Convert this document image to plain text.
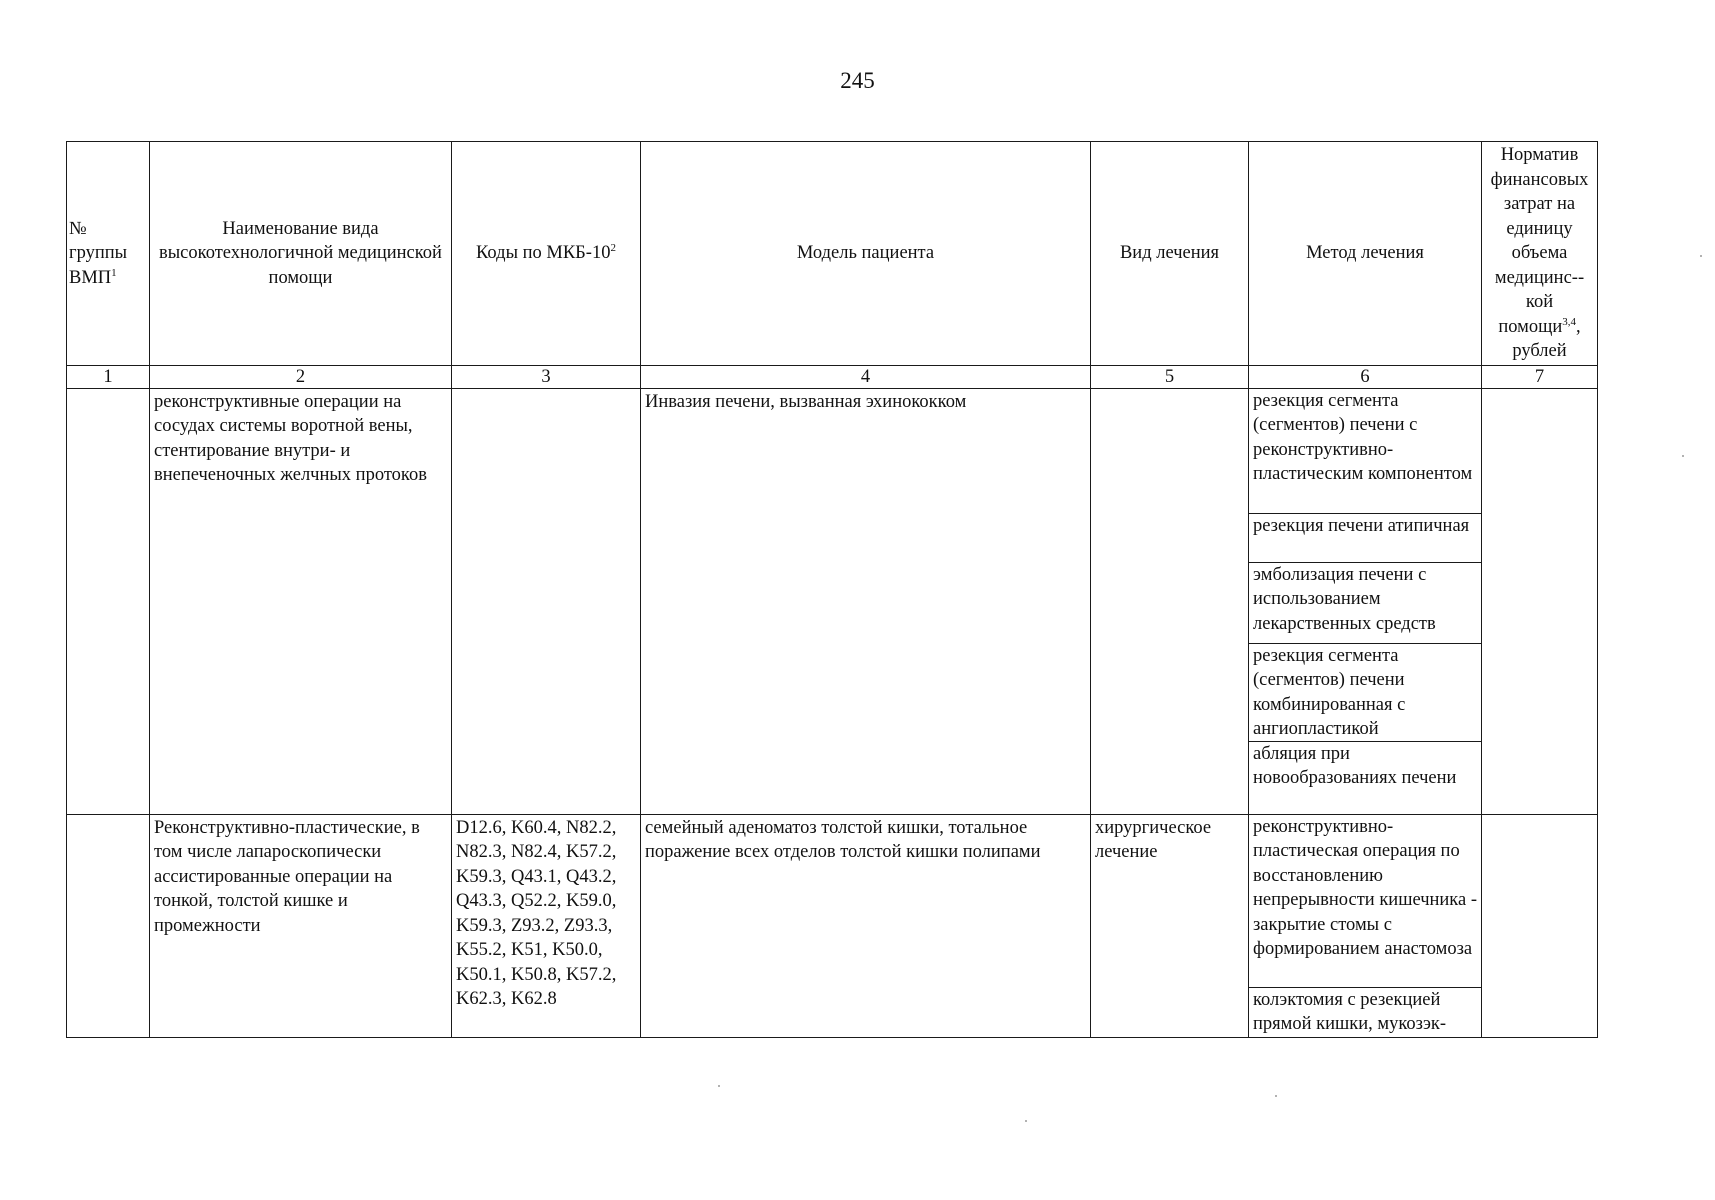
245
№ группы ВМП$^1$	Наименование вида высокотехнологичной медицинской помощи	Коды по МКБ-$10^2$	Модель пациента	Вид лечения	Метод лечения	Норматив финансовых затрат на единицу объема медицинс-кой помощи$^{3,4}$, рублей
1	2	3	4	5	6	7
	реконструктивные операции на сосудах системы воротной вены, стентирование внутри- и внепеченочных желчных протоков		Инвазия печени, вызванная эхинококком		резекция сегмента (сегментов) печени с реконструктивно-пластическим компонентом
резекция печени атипичная
эмболизация печени с использованием лекарственных средств
резекция сегмента (сегментов) печени комбинированная с ангиопластикой
абляция при новообразованиях печени	

	Реконструктивно-пластические, в том числе лапароскопически ассистированные операции на тонкой, толстой кишке и промежности	D12.6, K60.4, N82.2, N82.3, N82.4, K57.2, K59.3, Q43.1, Q43.2, Q43.3, Q52.2, K59.0, K59.3, Z93.2, Z93.3, K55.2, K51, K50.0, K50.1, K50.8, K57.2, K62.3, K62.8	семейный аденоматоз толстой кишки, тотальное поражение всех отделов толстой кишки полипами	хирургическое лечение	реконструктивно-пластическая операция по восстановлению непрерывности кишечника - закрытие стомы с формированием анастомоза
колэктомия с резекцией прямой кишки, мукозэк-	
